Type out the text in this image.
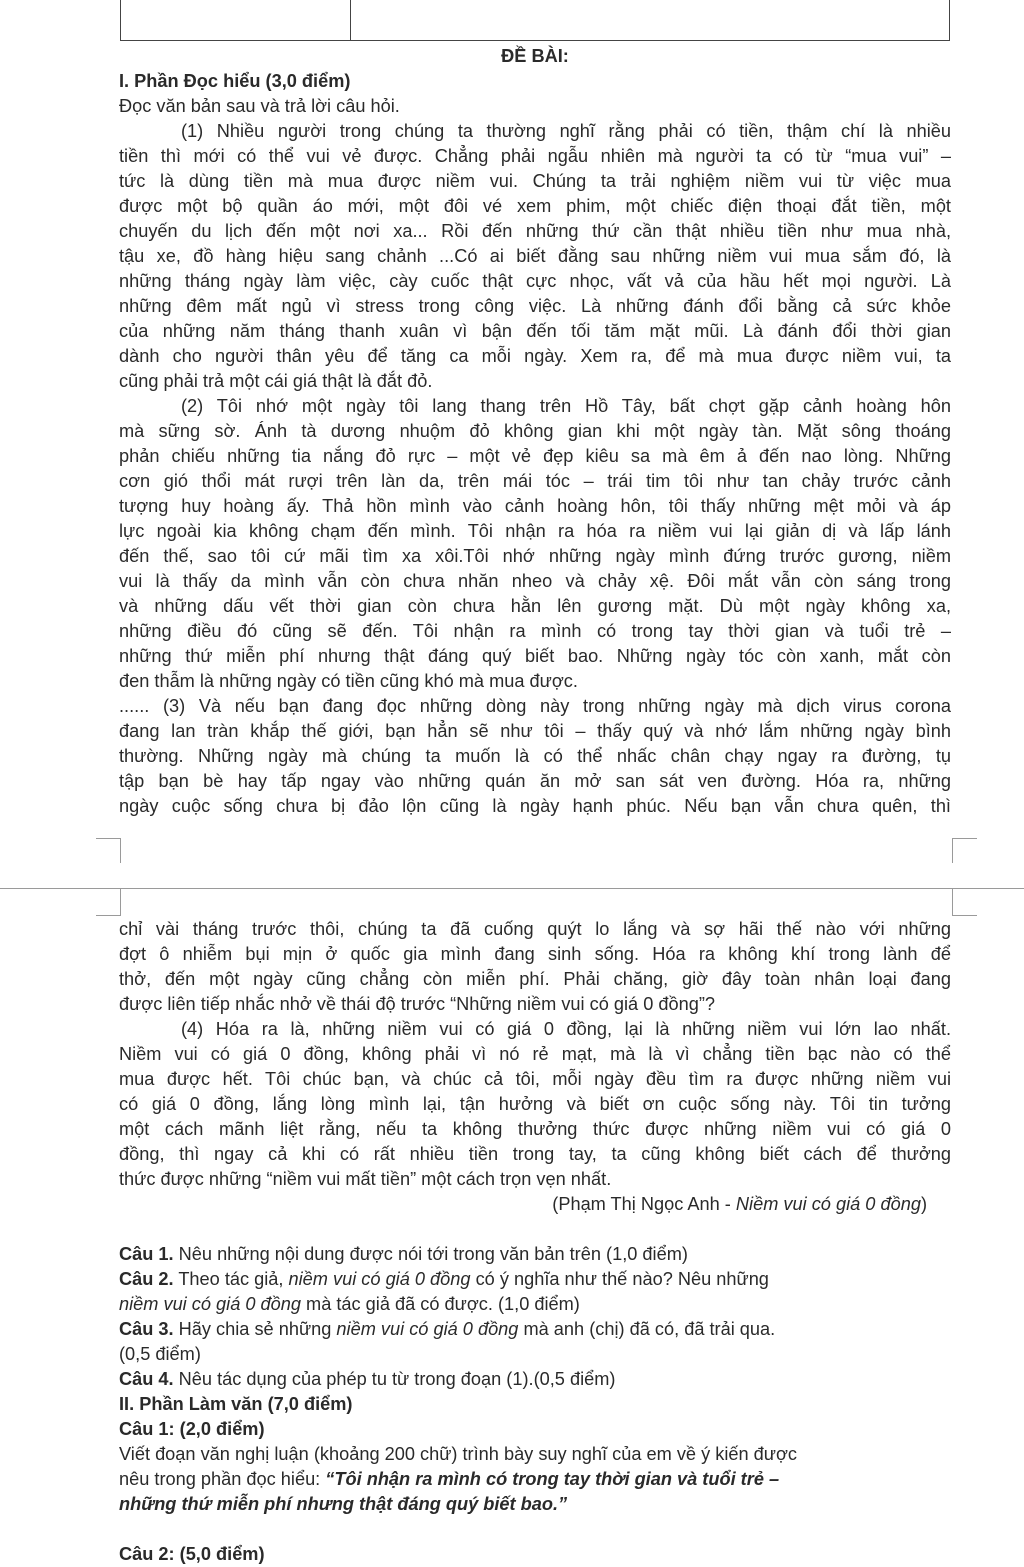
ĐỀ BÀI:
I. Phần Đọc hiểu (3,0 điểm)
Đọc văn bản sau và trả lời câu hỏi.
(1) Nhiều người trong chúng ta thường nghĩ rằng phải có tiền, thậm chí là nhiều
tiền thì mới có thể vui vẻ được. Chẳng phải ngẫu nhiên mà người ta có từ “mua vui” –
tức là dùng tiền mà mua được niềm vui. Chúng ta trải nghiệm niềm vui từ việc mua
được một bộ quần áo mới, một đôi vé xem phim, một chiếc điện thoại đắt tiền, một
chuyến du lịch đến một nơi xa... Rồi đến những thứ cần thật nhiều tiền như mua nhà,
tậu xe, đồ hàng hiệu sang chảnh ...Có ai biết đằng sau những niềm vui mua sắm đó, là
những tháng ngày làm việc, cày cuốc thật cực nhọc, vất vả của hầu hết mọi người. Là
những đêm mất ngủ vì stress trong công việc. Là những đánh đổi bằng cả sức khỏe
của những năm tháng thanh xuân vì bận đến tối tăm mặt mũi. Là đánh đổi thời gian
dành cho người thân yêu để tăng ca mỗi ngày. Xem ra, để mà mua được niềm vui, ta
cũng phải trả một cái giá thật là đắt đỏ.
(2) Tôi nhớ một ngày tôi lang thang trên Hồ Tây, bất chợt gặp cảnh hoàng hôn
mà sững sờ. Ánh tà dương nhuộm đỏ không gian khi một ngày tàn. Mặt sông thoáng
phản chiếu những tia nắng đỏ rực – một vẻ đẹp kiêu sa mà êm ả đến nao lòng. Những
cơn gió thổi mát rượi trên làn da, trên mái tóc – trái tim tôi như tan chảy trước cảnh
tượng huy hoàng ấy. Thả hồn mình vào cảnh hoàng hôn, tôi thấy những mệt mỏi và áp
lực ngoài kia không chạm đến mình. Tôi nhận ra hóa ra niềm vui lại giản dị và lấp lánh
đến thế, sao tôi cứ mãi tìm xa xôi.Tôi nhớ những ngày mình đứng trước gương, niềm
vui là thấy da mình vẫn còn chưa nhăn nheo và chảy xệ. Đôi mắt vẫn còn sáng trong
và những dấu vết thời gian còn chưa hằn lên gương mặt. Dù một ngày không xa,
những điều đó cũng sẽ đến. Tôi nhận ra mình có trong tay thời gian và tuổi trẻ –
những thứ miễn phí nhưng thật đáng quý biết bao. Những ngày tóc còn xanh, mắt còn
đen thẫm là những ngày có tiền cũng khó mà mua được.
...... (3) Và nếu bạn đang đọc những dòng này trong những ngày mà dịch virus corona
đang lan tràn khắp thế giới, bạn hẳn sẽ như tôi – thấy quý và nhớ lắm những ngày bình
thường. Những ngày mà chúng ta muốn là có thể nhấc chân chạy ngay ra đường, tụ
tập bạn bè hay tấp ngay vào những quán ăn mở san sát ven đường. Hóa ra, những
ngày cuộc sống chưa bị đảo lộn cũng là ngày hạnh phúc. Nếu bạn vẫn chưa quên, thì
chỉ vài tháng trước thôi, chúng ta đã cuống quýt lo lắng và sợ hãi thế nào với những
đợt ô nhiễm bụi mịn ở quốc gia mình đang sinh sống. Hóa ra không khí trong lành để
thở, đến một ngày cũng chẳng còn miễn phí. Phải chăng, giờ đây toàn nhân loại đang
được liên tiếp nhắc nhở về thái độ trước “Những niềm vui có giá 0 đồng”?
(4) Hóa ra là, những niềm vui có giá 0 đồng, lại là những niềm vui lớn lao nhất.
Niềm vui có giá 0 đồng, không phải vì nó rẻ mạt, mà là vì chẳng tiền bạc nào có thể
mua được hết. Tôi chúc bạn, và chúc cả tôi, mỗi ngày đều tìm ra được những niềm vui
có giá 0 đồng, lắng lòng mình lại, tận hưởng và biết ơn cuộc sống này. Tôi tin tưởng
một cách mãnh liệt rằng, nếu ta không thưởng thức được những niềm vui có giá 0
đồng, thì ngay cả khi có rất nhiều tiền trong tay, ta cũng không biết cách để thưởng
thức được những “niềm vui mất tiền” một cách trọn vẹn nhất.
(Phạm Thị Ngọc Anh - Niềm vui có giá 0 đồng)
Câu 1. Nêu những nội dung được nói tới trong văn bản trên (1,0 điểm)
Câu 2. Theo tác giả, niềm vui có giá 0 đồng có ý nghĩa như thế nào? Nêu những
niềm vui có giá 0 đồng mà tác giả đã có được. (1,0 điểm)
Câu 3. Hãy chia sẻ những niềm vui có giá 0 đồng mà anh (chị) đã có, đã trải qua.
(0,5 điểm)
Câu 4. Nêu tác dụng của phép tu từ trong đoạn (1).(0,5 điểm)
II. Phần Làm văn (7,0 điểm)
Câu 1: (2,0 điểm)
Viết đoạn văn nghị luận (khoảng 200 chữ) trình bày suy nghĩ của em về ý kiến được
nêu trong phần đọc hiểu: “Tôi nhận ra mình có trong tay thời gian và tuổi trẻ –
những thứ miễn phí nhưng thật đáng quý biết bao.”
Câu 2: (5,0 điểm)
